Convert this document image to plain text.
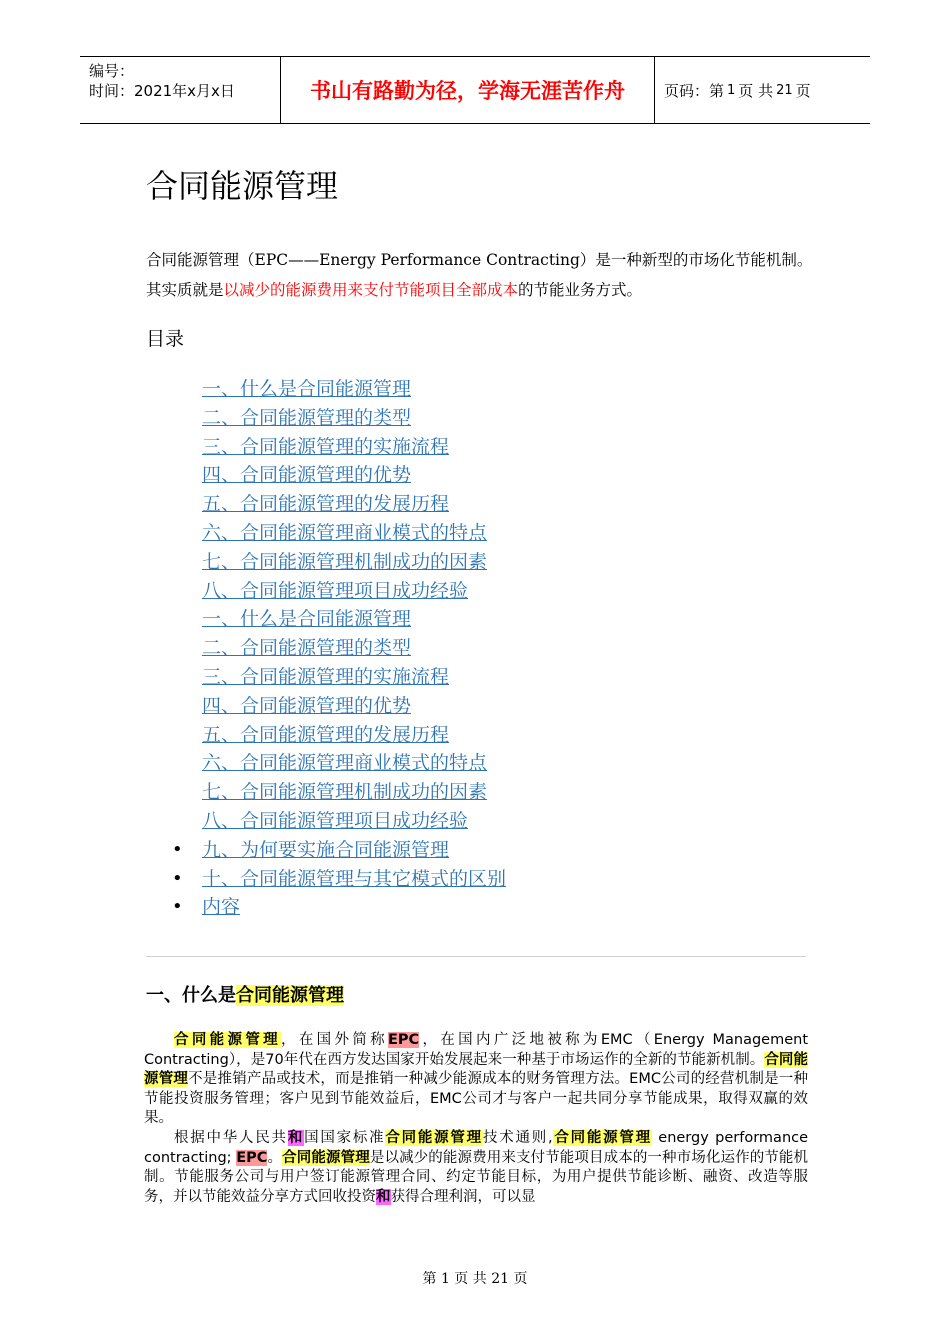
编号：
时间：2021年x月x日	书山有路勤为径，学海无涯苦作舟	页码：第 1 页 共 21 页
合同能源管理
合同能源管理（EPC——Energy Performance Contracting）是一种新型的市场化节能机制。
其实质就是以减少的能源费用来支付节能项目全部成本的节能业务方式。
目录
一、什么是合同能源管理
二、合同能源管理的类型
三、合同能源管理的实施流程
四、合同能源管理的优势
五、合同能源管理的发展历程
六、合同能源管理商业模式的特点
七、合同能源管理机制成功的因素
八、合同能源管理项目成功经验
一、什么是合同能源管理
二、合同能源管理的类型
三、合同能源管理的实施流程
四、合同能源管理的优势
五、合同能源管理的发展历程
六、合同能源管理商业模式的特点
七、合同能源管理机制成功的因素
八、合同能源管理项目成功经验
• 九、为何要实施合同能源管理
• 十、合同能源管理与其它模式的区别
• 内容
一、什么是合同能源管理

合同能源管理，在国外简称EPC，在国内广泛地被称为EMC（Energy Management Contracting），是70年代在西方发达国家开始发展起来一种基于市场运作的全新的节能新机制。合同能源管理不是推销产品或技术，而是推销一种减少能源成本的财务管理方法。EMC公司的经营机制是一种节能投资服务管理；客户见到节能效益后，EMC公司才与客户一起共同分享节能成果，取得双赢的效果。

根据中华人民共和国国家标准合同能源管理技术通则,合同能源管理 energy performance contracting; EPC。合同能源管理是以减少的能源费用来支付节能项目成本的一种市场化运作的节能机制。节能服务公司与用户签订能源管理合同、约定节能目标，为用户提供节能诊断、融资、改造等服务，并以节能效益分享方式回收投资和获得合理利润，可以显

第 1 页 共 21 页
